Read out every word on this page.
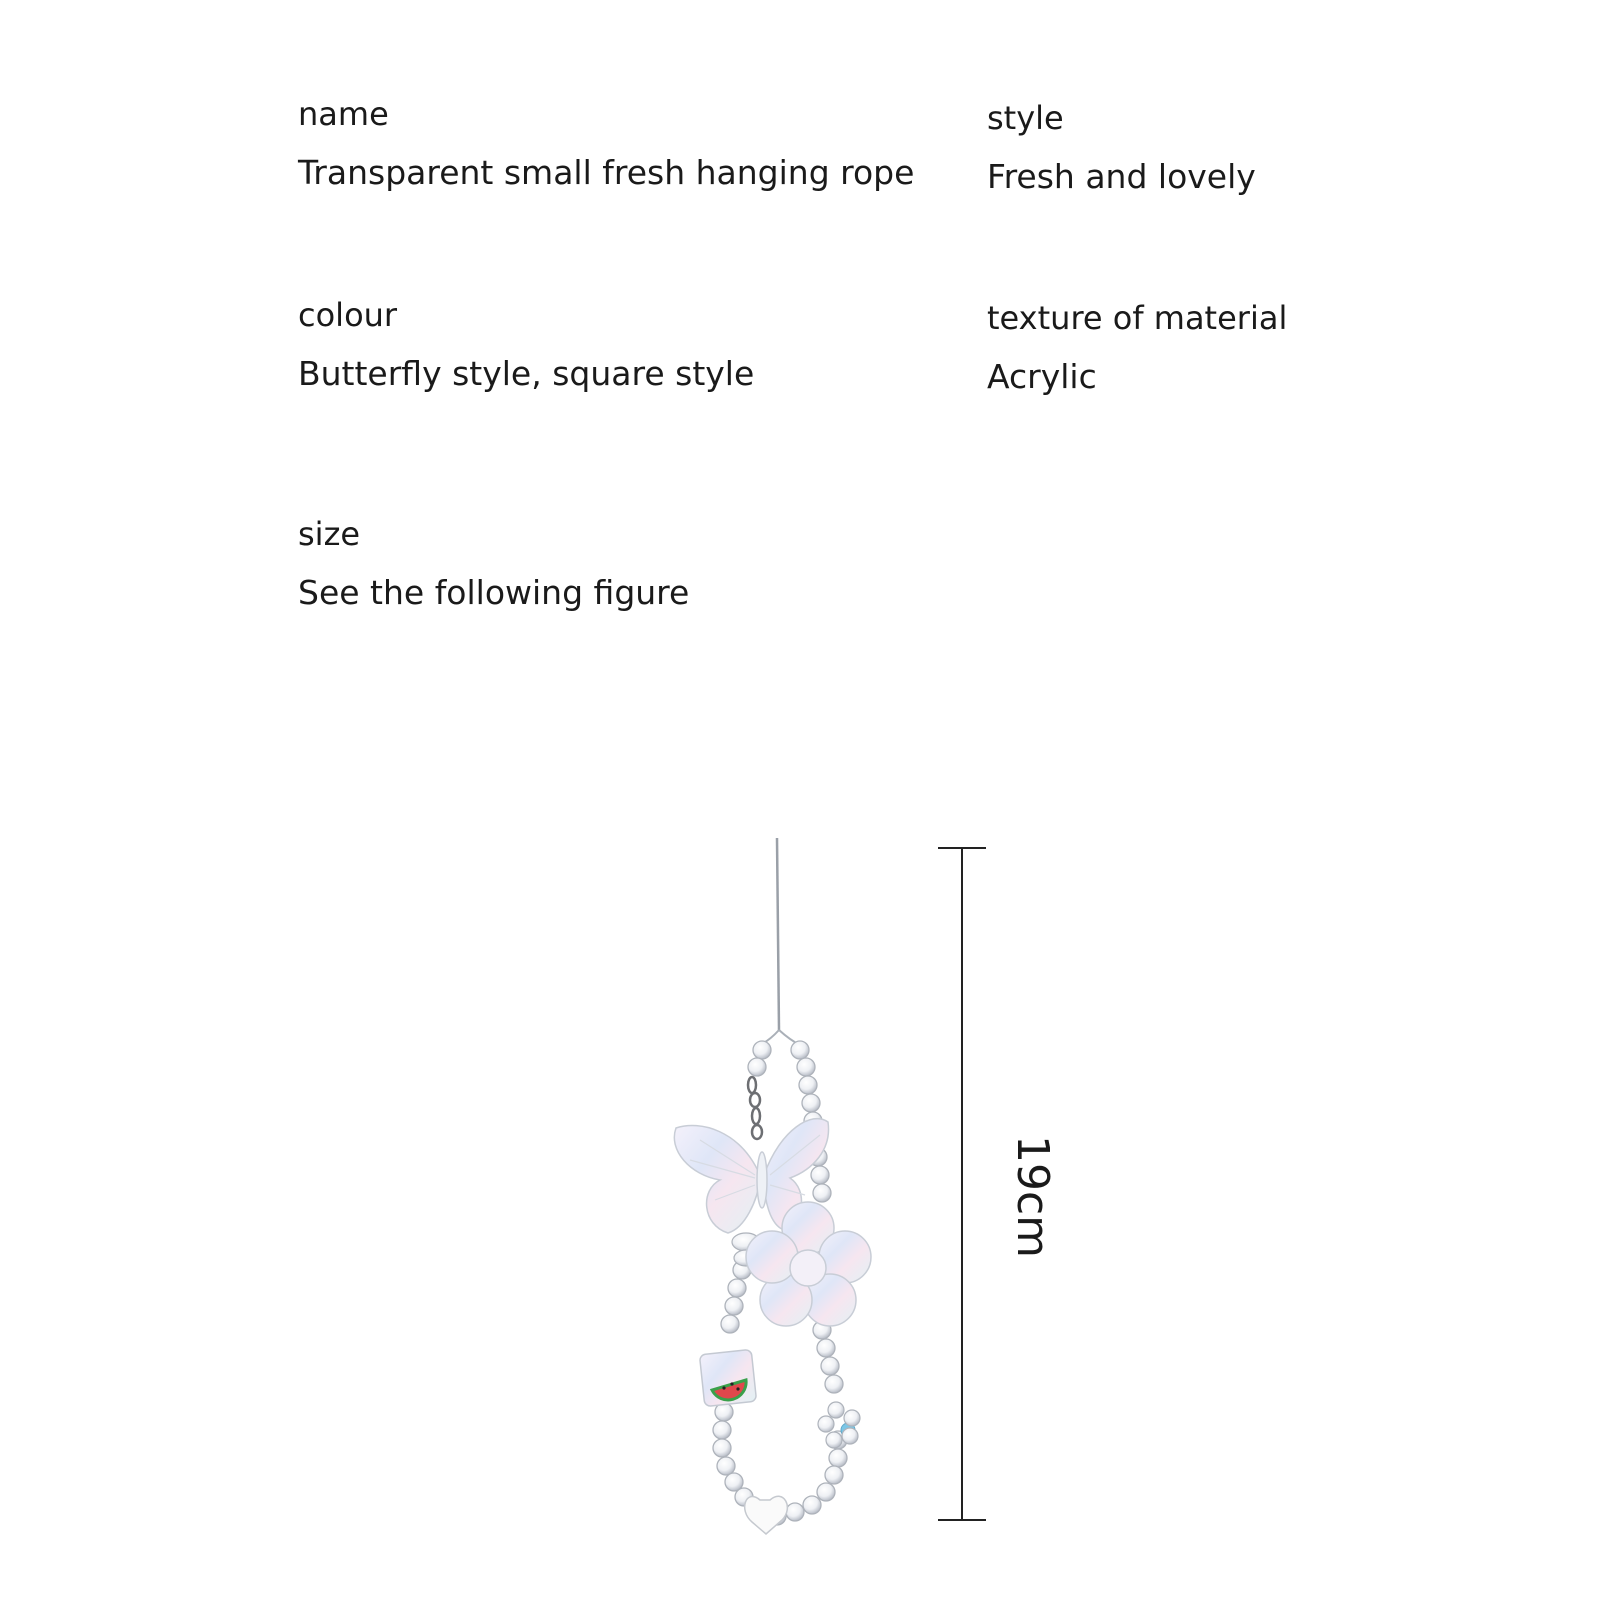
name
Transparent small fresh hanging rope
style
Fresh and lovely
colour
Butterfly style, square style
texture of material
Acrylic
size
See the following figure
19cm
